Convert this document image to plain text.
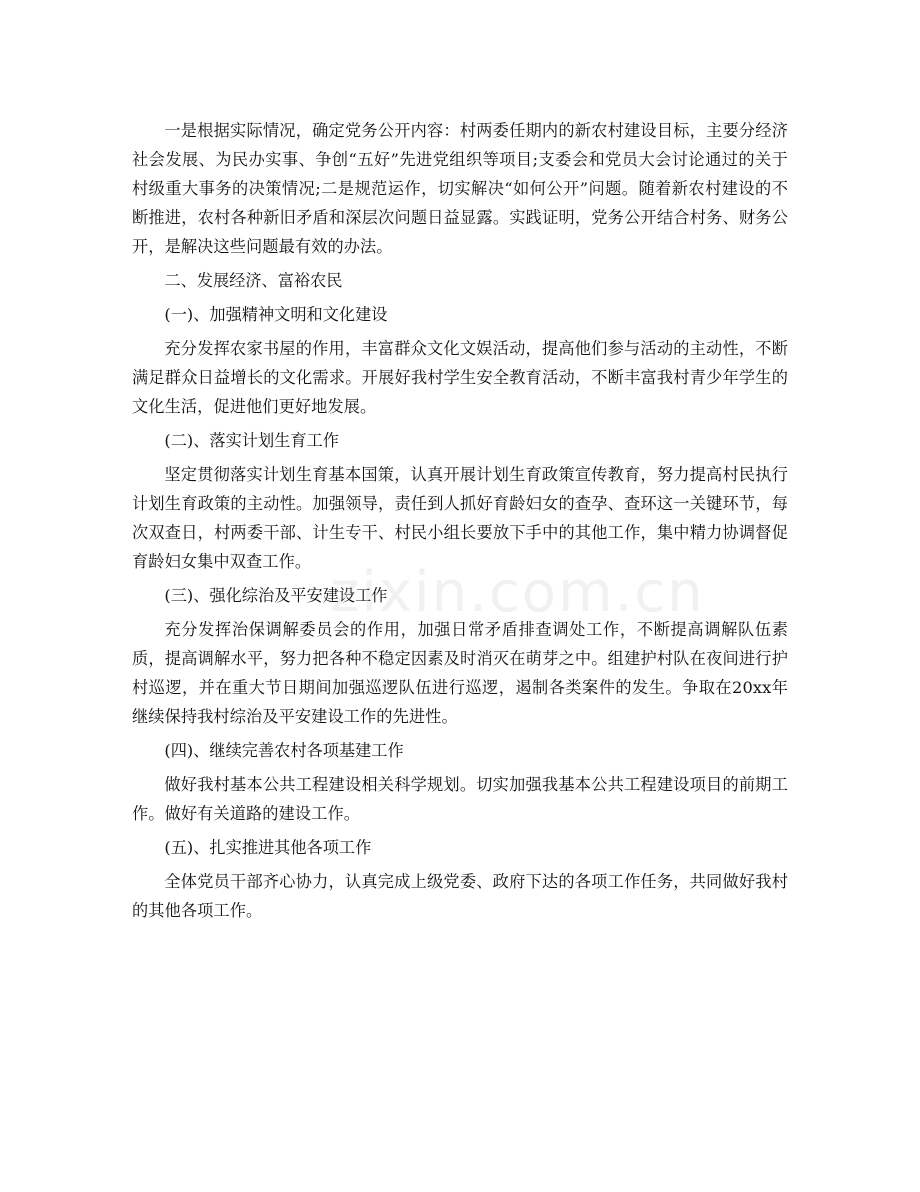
一是根据实际情况，确定党务公开内容：村两委任期内的新农村建设目标，主要分经济社会发展、为民办实事、争创“五好”先进党组织等项目;支委会和党员大会讨论通过的关于村级重大事务的决策情况;二是规范运作，切实解决“如何公开”问题。随着新农村建设的不断推进，农村各种新旧矛盾和深层次问题日益显露。实践证明，党务公开结合村务、财务公开，是解决这些问题最有效的办法。

二、发展经济、富裕农民

(一)、加强精神文明和文化建设

充分发挥农家书屋的作用，丰富群众文化文娱活动，提高他们参与活动的主动性，不断满足群众日益增长的文化需求。开展好我村学生安全教育活动，不断丰富我村青少年学生的文化生活，促进他们更好地发展。

(二)、落实计划生育工作

坚定贯彻落实计划生育基本国策，认真开展计划生育政策宣传教育，努力提高村民执行计划生育政策的主动性。加强领导，责任到人抓好育龄妇女的查孕、查环这一关键环节，每次双查日，村两委干部、计生专干、村民小组长要放下手中的其他工作，集中精力协调督促育龄妇女集中双查工作。

(三)、强化综治及平安建设工作

充分发挥治保调解委员会的作用，加强日常矛盾排查调处工作，不断提高调解队伍素质，提高调解水平，努力把各种不稳定因素及时消灭在萌芽之中。组建护村队在夜间进行护村巡逻，并在重大节日期间加强巡逻队伍进行巡逻，遏制各类案件的发生。争取在20xx年继续保持我村综治及平安建设工作的先进性。

(四)、继续完善农村各项基建工作

做好我村基本公共工程建设相关科学规划。切实加强我基本公共工程建设项目的前期工作。做好有关道路的建设工作。

(五)、扎实推进其他各项工作

全体党员干部齐心协力，认真完成上级党委、政府下达的各项工作任务，共同做好我村的其他各项工作。

zixin.com.cn
